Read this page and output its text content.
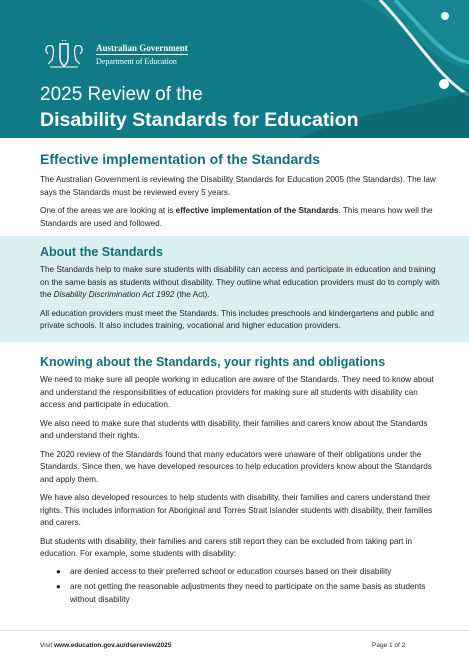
Australian Government
Department of Education
2025 Review of the
Disability Standards for Education
Effective implementation of the Standards

The Australian Government is reviewing the Disability Standards for Education 2005 (the Standards). The law says the Standards must be reviewed every 5 years.

One of the areas we are looking at is effective implementation of the Standards. This means how well the Standards are used and followed.

About the Standards

The Standards help to make sure students with disability can access and participate in education and training on the same basis as students without disability. They outline what education providers must do to comply with the Disability Discrimination Act 1992 (the Act).

All education providers must meet the Standards. This includes preschools and kindergartens and public and private schools. It also includes training, vocational and higher education providers.

Knowing about the Standards, your rights and obligations

We need to make sure all people working in education are aware of the Standards. They need to know about and understand the responsibilities of education providers for making sure all students with disability can access and participate in education.

We also need to make sure that students with disability, their families and carers know about the Standards and understand their rights.

The 2020 review of the Standards found that many educators were unaware of their obligations under the Standards. Since then, we have developed resources to help education providers know about the Standards and apply them.

We have also developed resources to help students with disability, their families and carers understand their rights. This includes information for Aboriginal and Torres Strait Islander students with disability, their families and carers.

But students with disability, their families and carers still report they can be excluded from taking part in education. For example, some students with disability:

● are denied access to their preferred school or education courses based on their disability
● are not getting the reasonable adjustments they need to participate on the same basis as students without disability
Visit www.education.gov.au/dsereview2025	Page 1 of 2
